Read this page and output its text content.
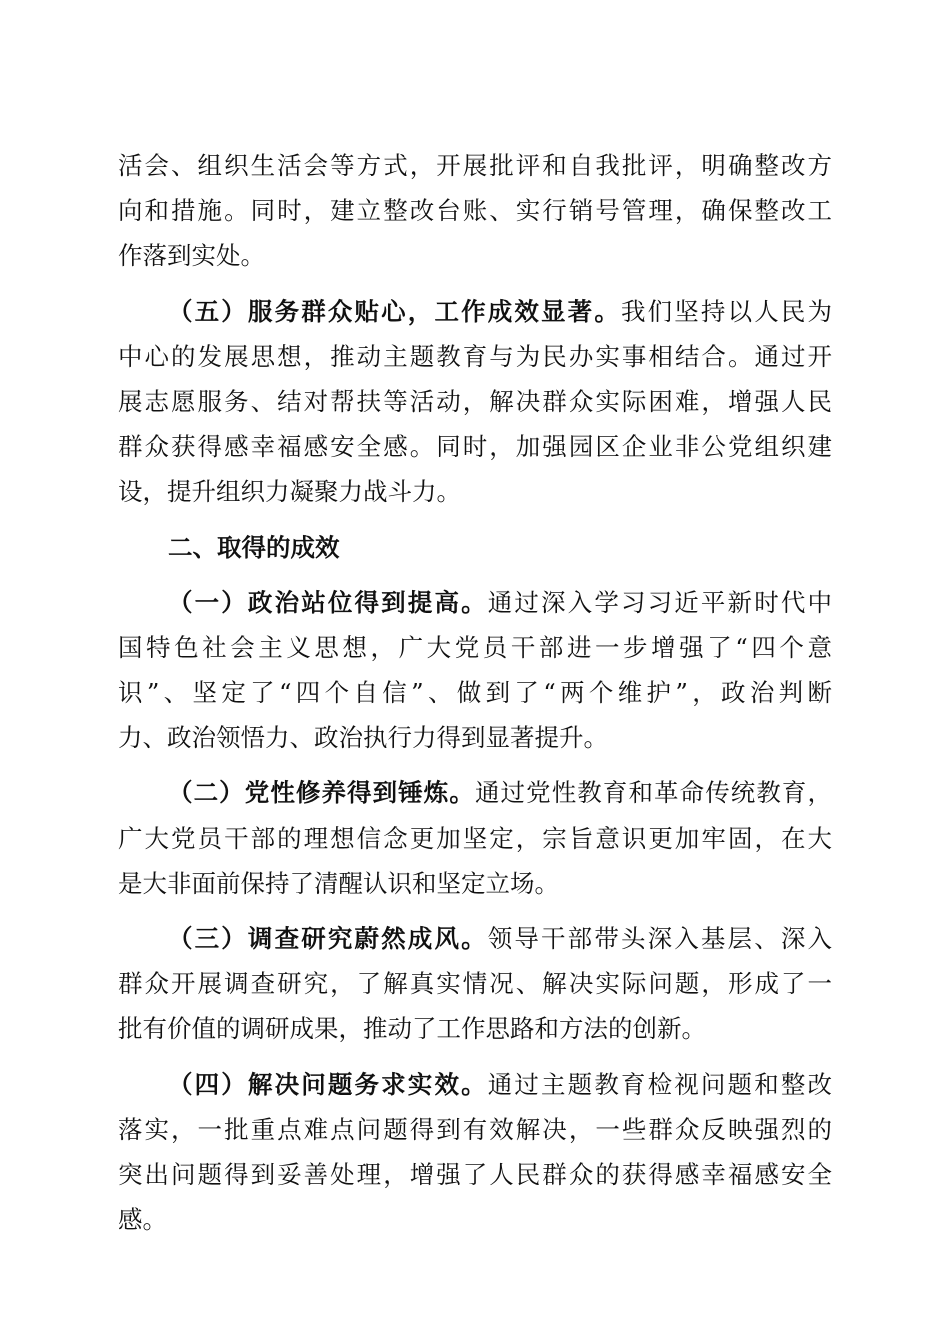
活会、组织生活会等方式，开展批评和自我批评，明确整改方
向和措施。同时，建立整改台账、实行销号管理，确保整改工
作落到实处。
（五）服务群众贴心，工作成效显著。我们坚持以人民为
中心的发展思想，推动主题教育与为民办实事相结合。通过开
展志愿服务、结对帮扶等活动，解决群众实际困难，增强人民
群众获得感幸福感安全感。同时，加强园区企业非公党组织建
设，提升组织力凝聚力战斗力。
二、取得的成效
（一）政治站位得到提高。通过深入学习习近平新时代中
国特色社会主义思想，广大党员干部进一步增强了“四个意
识”、坚定了“四个自信”、做到了“两个维护”，政治判断
力、政治领悟力、政治执行力得到显著提升。
（二）党性修养得到锤炼。通过党性教育和革命传统教育，
广大党员干部的理想信念更加坚定，宗旨意识更加牢固，在大
是大非面前保持了清醒认识和坚定立场。
（三）调查研究蔚然成风。领导干部带头深入基层、深入
群众开展调查研究，了解真实情况、解决实际问题，形成了一
批有价值的调研成果，推动了工作思路和方法的创新。
（四）解决问题务求实效。通过主题教育检视问题和整改
落实，一批重点难点问题得到有效解决，一些群众反映强烈的
突出问题得到妥善处理，增强了人民群众的获得感幸福感安全
感。
